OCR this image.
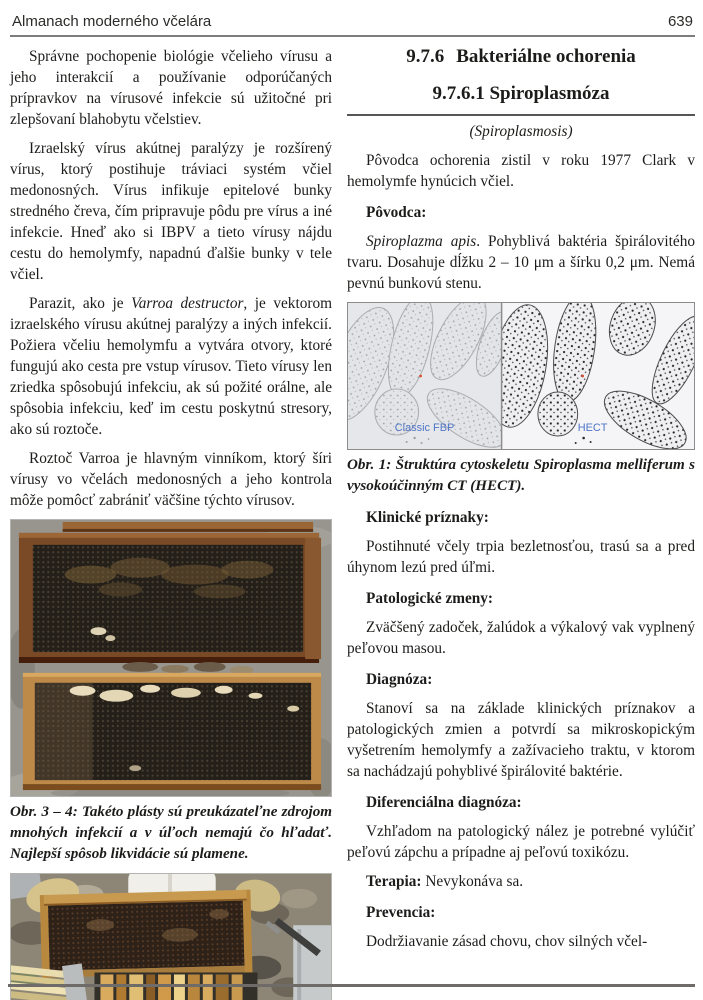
Almanach moderného včelára	639

Správne pochopenie biológie včelieho vírusu a jeho interakcií a používanie odporúčaných prípravkov na vírusové infekcie sú užitočné pri zlepšovaní blahobytu včelstiev.

Izraelský vírus akútnej paralýzy je rozšírený vírus, ktorý postihuje tráviaci systém včiel medonosných. Vírus infikuje epitelové bunky stredného čreva, čím pripravuje pôdu pre vírus a iné infekcie. Hneď ako si IBPV a tieto vírusy nájdu cestu do hemolymfy, napadnú ďalšie bunky v tele včiel.

Parazit, ako je Varroa destructor, je vektorom izraelského vírusu akútnej paralýzy a iných infekcií. Požiera včeliu hemolymfu a vytvára otvory, ktoré fungujú ako cesta pre vstup vírusov. Tieto vírusy len zriedka spôsobujú infekciu, ak sú požité orálne, ale spôsobia infekciu, keď im cestu poskytnú stresory, ako sú roztoče.

Roztoč Varroa je hlavným vinníkom, ktorý šíri vírusy vo včelách medonosných a jeho kontrola môže pomôcť zabrániť väčšine týchto vírusov.

Obr. 3 – 4: Takéto plásty sú preukázateľne zdrojom mnohých infekcií a v úľoch nemajú čo hľadať. Najlepší spôsob likvidácie sú plamene.
9.7.6 Bakteriálne ochorenia
9.7.6.1 Spiroplasmóza
(Spiroplasmosis)

Pôvodca ochorenia zistil v roku 1977 Clark v hemolymfe hynúcich včiel.

Pôvodca:

Spiroplazma apis. Pohyblivá baktéria špirálovitého tvaru. Dosahuje dĺžku 2 – 10 μm a šírku 0,2 μm. Nemá pevnú bunkovú stenu.

Classic FBP	HECT
Obr. 1: Štruktúra cytoskeletu Spiroplasma melliferum s vysokoúčinným CT (HECT).

Klinické príznaky:

Postihnuté včely trpia bezletnosťou, trasú sa a pred úhynom lezú pred úľmi.

Patologické zmeny:

Zväčšený zadoček, žalúdok a výkalový vak vyplnený peľovou masou.

Diagnóza:

Stanoví sa na základe klinických príznakov a patologických zmien a potvrdí sa mikroskopickým vyšetrením hemolymfy a zažívacieho traktu, v ktorom sa nachádzajú pohyblivé špirálovité baktérie.

Diferenciálna diagnóza:

Vzhľadom na patologický nález je potrebné vylúčiť peľovú zápchu a prípadne aj peľovú toxikózu.

Terapia: Nevykonáva sa.

Prevencia:

Dodržiavanie zásad chovu, chov silných včel-
